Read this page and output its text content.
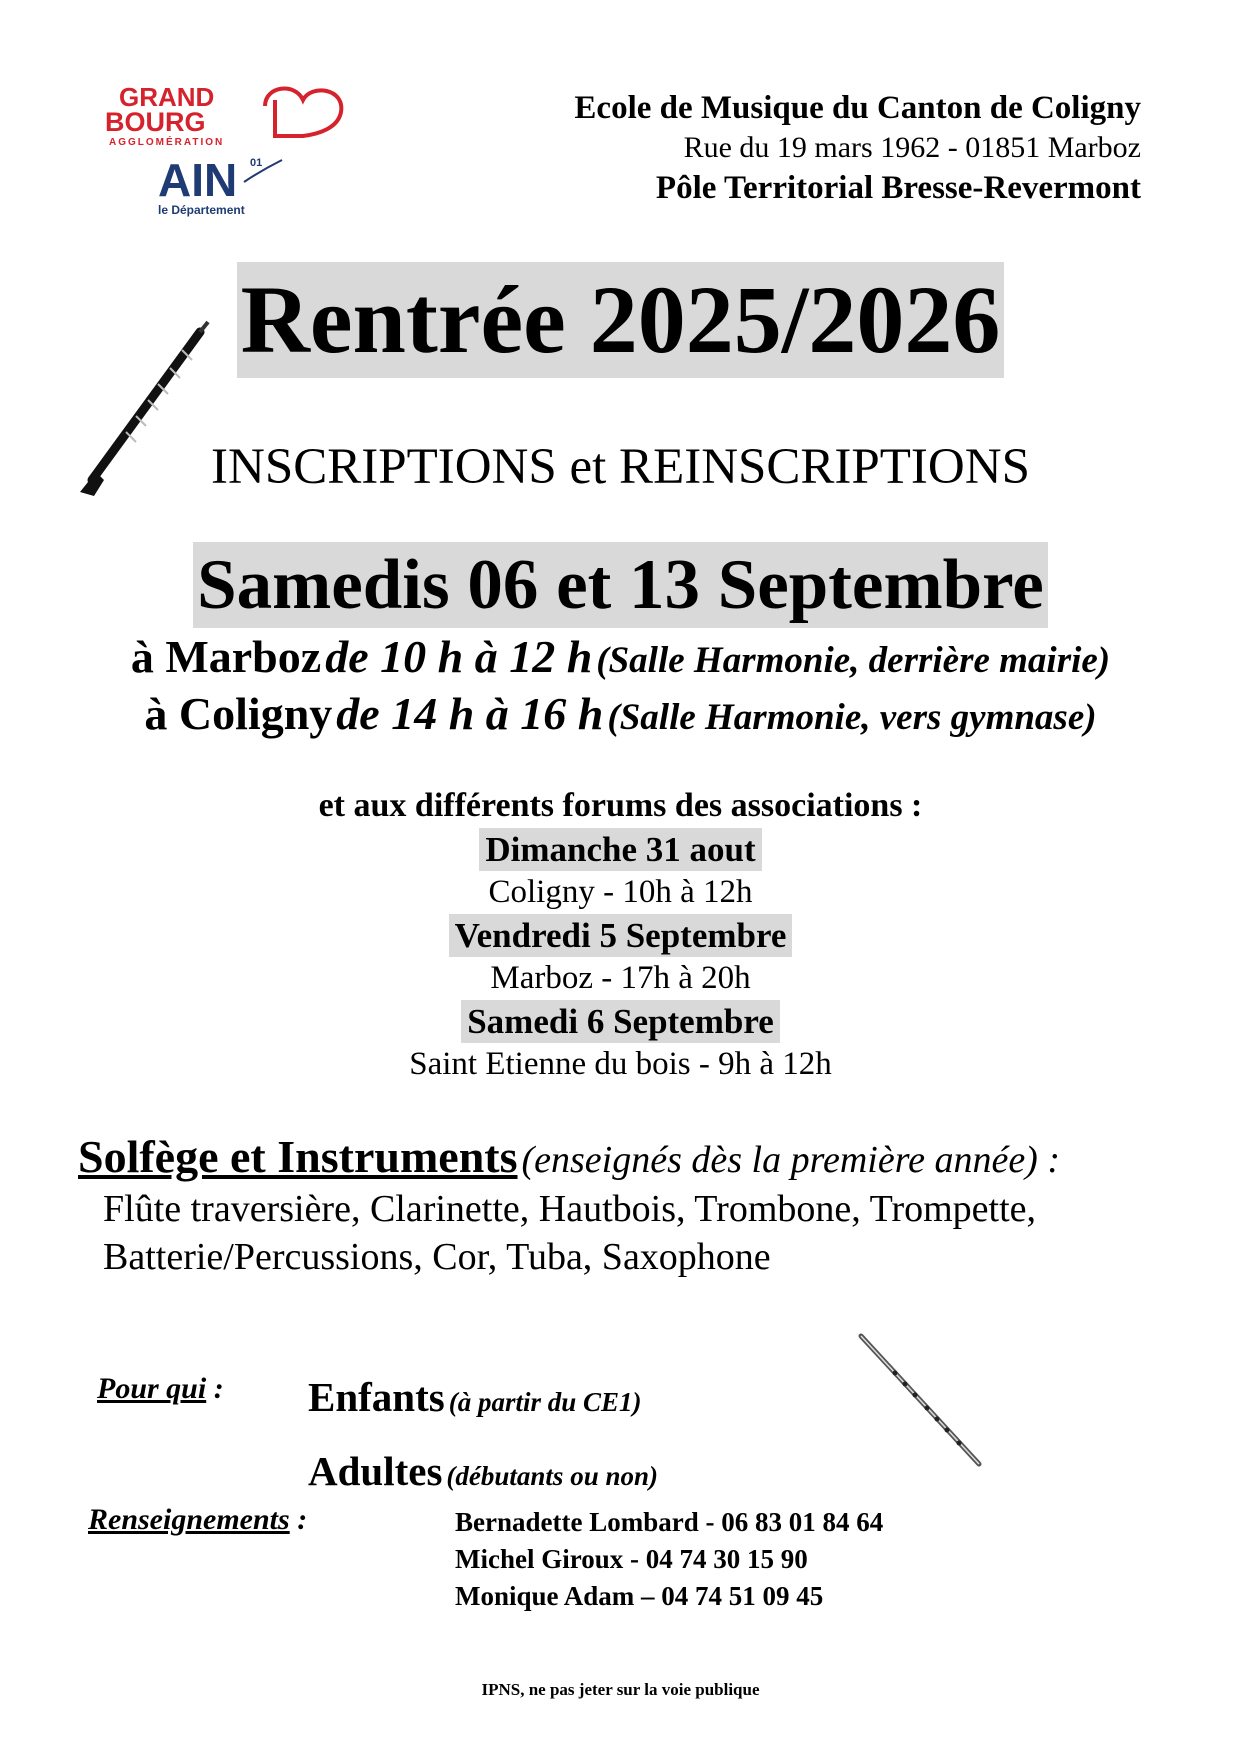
GRAND
BOURG
AGGLOMÉRATION
AIN 01
le Département
Ecole de Musique du Canton de Coligny
Rue du 19 mars 1962 - 01851 Marboz
Pôle Territorial Bresse-Revermont
Rentrée 2025/2026
INSCRIPTIONS et REINSCRIPTIONS
Samedis 06 et 13 Septembre
à Marboz de 10 h à 12 h (Salle Harmonie, derrière mairie)
à Coligny de 14 h à 16 h (Salle Harmonie, vers gymnase)
et aux différents forums des associations :
Dimanche 31 aout
Coligny - 10h à 12h
Vendredi 5 Septembre
Marboz - 17h à 20h
Samedi 6 Septembre
Saint Etienne du bois - 9h à 12h
Solfège et Instruments (enseignés dès la première année) :
Flûte traversière, Clarinette, Hautbois, Trombone, Trompette,
Batterie/Percussions, Cor, Tuba, Saxophone
Pour qui : Enfants (à partir du CE1)
Adultes (débutants ou non)
Renseignements :	Bernadette Lombard - 06 83 01 84 64
Michel Giroux - 04 74 30 15 90
Monique Adam – 04 74 51 09 45
IPNS, ne pas jeter sur la voie publique
